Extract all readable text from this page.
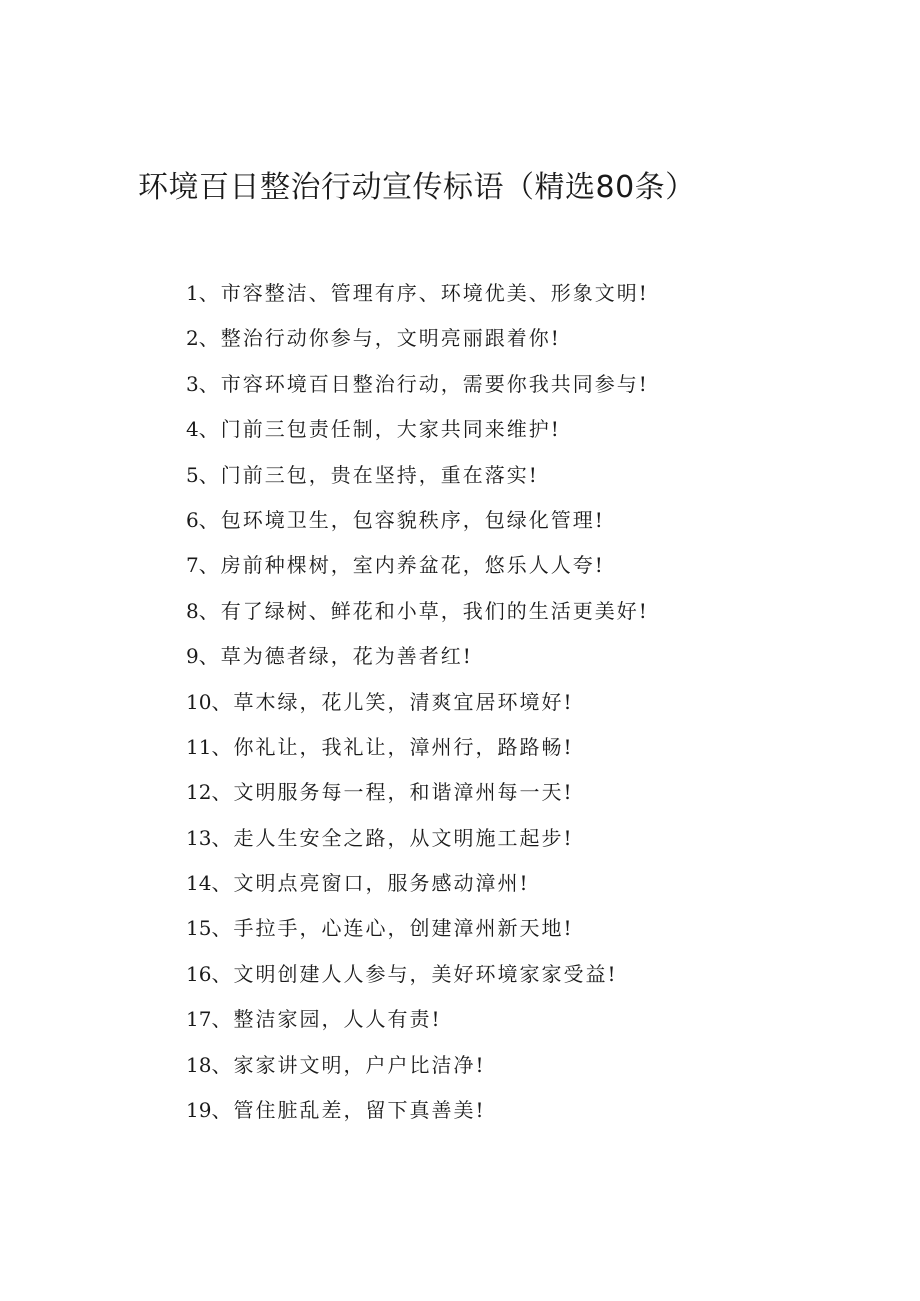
环境百日整治行动宣传标语（精选80条）
1、市容整洁、管理有序、环境优美、形象文明!
2、整治行动你参与，文明亮丽跟着你!
3、市容环境百日整治行动，需要你我共同参与!
4、门前三包责任制，大家共同来维护!
5、门前三包，贵在坚持，重在落实!
6、包环境卫生，包容貌秩序，包绿化管理!
7、房前种棵树，室内养盆花，悠乐人人夸!
8、有了绿树、鲜花和小草，我们的生活更美好!
9、草为德者绿，花为善者红!
10、草木绿，花儿笑，清爽宜居环境好!
11、你礼让，我礼让，漳州行，路路畅!
12、文明服务每一程，和谐漳州每一天!
13、走人生安全之路，从文明施工起步!
14、文明点亮窗口，服务感动漳州!
15、手拉手，心连心，创建漳州新天地!
16、文明创建人人参与，美好环境家家受益!
17、整洁家园，人人有责!
18、家家讲文明，户户比洁净!
19、管住脏乱差，留下真善美!
